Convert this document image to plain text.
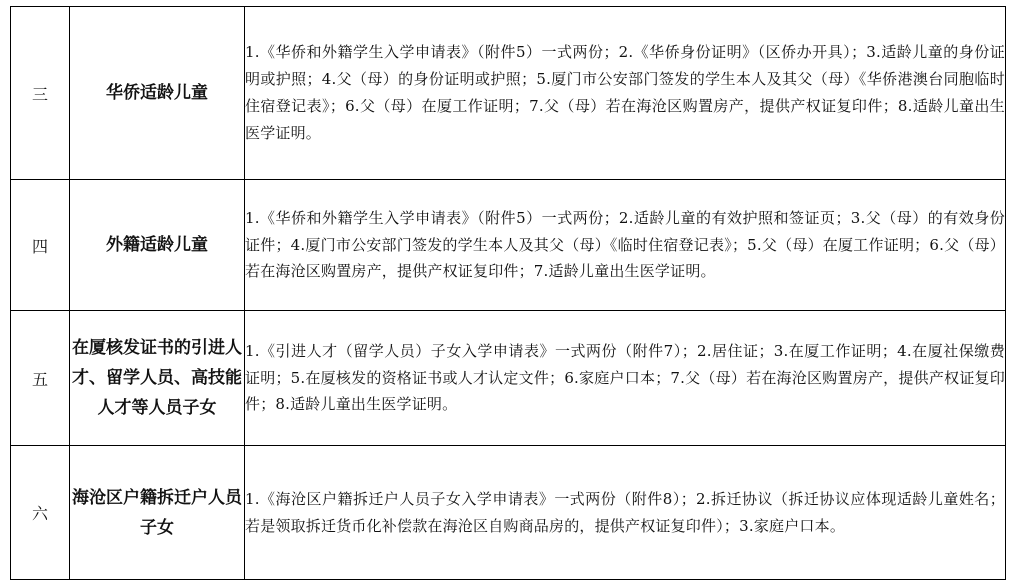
三	华侨适龄儿童	1.《华侨和外籍学生入学申请表》（附件5）一式两份；2.《华侨身份证明》（区侨办开具）；3.适龄儿童的身份证明或护照；4.父（母）的身份证明或护照；5.厦门市公安部门签发的学生本人及其父（母）《华侨港澳台同胞临时住宿登记表》；6.父（母）在厦工作证明；7.父（母）若在海沧区购置房产，提供产权证复印件；8.适龄儿童出生医学证明。
四	外籍适龄儿童	1.《华侨和外籍学生入学申请表》（附件5）一式两份；2.适龄儿童的有效护照和签证页；3.父（母）的有效身份证件；4.厦门市公安部门签发的学生本人及其父（母）《临时住宿登记表》；5.父（母）在厦工作证明；6.父（母）若在海沧区购置房产，提供产权证复印件；7.适龄儿童出生医学证明。
五	在厦核发证书的引进人才、留学人员、高技能人才等人员子女	1.《引进人才（留学人员）子女入学申请表》一式两份（附件7）；2.居住证；3.在厦工作证明；4.在厦社保缴费证明；5.在厦核发的资格证书或人才认定文件；6.家庭户口本；7.父（母）若在海沧区购置房产，提供产权证复印件；8.适龄儿童出生医学证明。
六	海沧区户籍拆迁户人员子女	1.《海沧区户籍拆迁户人员子女入学申请表》一式两份（附件8）；2.拆迁协议（拆迁协议应体现适龄儿童姓名；若是领取拆迁货币化补偿款在海沧区自购商品房的，提供产权证复印件）；3.家庭户口本。
